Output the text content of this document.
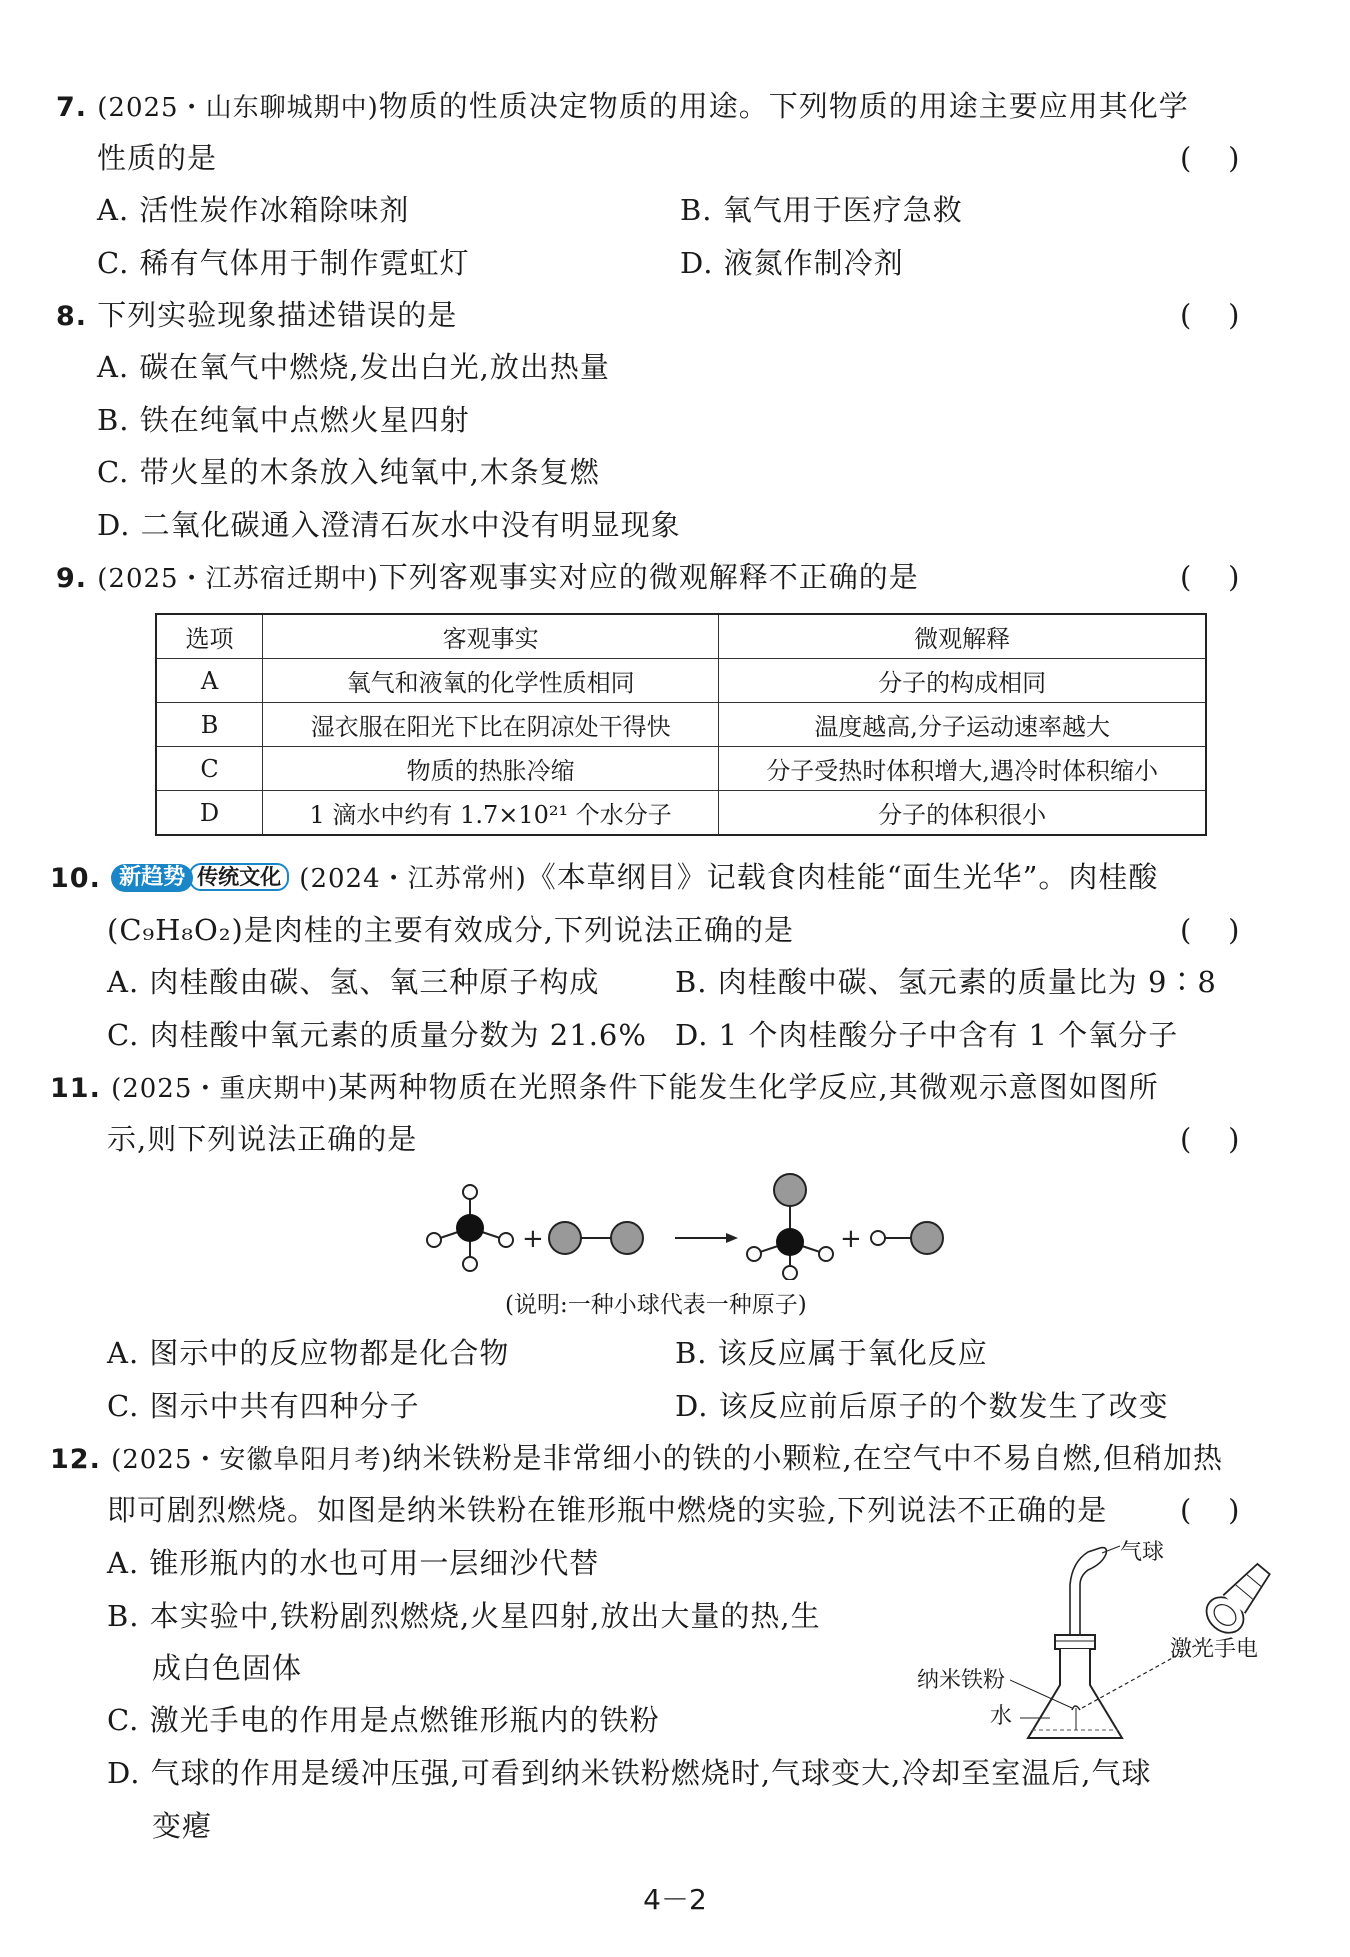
7. (2025・山东聊城期中)物质的性质决定物质的用途。下列物质的用途主要应用其化学
性质的是	(    )
A. 活性炭作冰箱除味剂	B. 氧气用于医疗急救
C. 稀有气体用于制作霓虹灯	D. 液氮作制冷剂
8. 下列实验现象描述错误的是	(    )
A. 碳在氧气中燃烧,发出白光,放出热量
B. 铁在纯氧中点燃火星四射
C. 带火星的木条放入纯氧中,木条复燃
D. 二氧化碳通入澄清石灰水中没有明显现象
9. (2025・江苏宿迁期中)下列客观事实对应的微观解释不正确的是	(    )
选项	客观事实	微观解释
A	氧气和液氧的化学性质相同	分子的构成相同
B	湿衣服在阳光下比在阴凉处干得快	温度越高,分子运动速率越大
C	物质的热胀冷缩	分子受热时体积增大,遇冷时体积缩小
D	1 滴水中约有 1.7×10²¹ 个水分子	分子的体积很小
10. 新趋势 传统文化 (2024・江苏常州)《本草纲目》记载食肉桂能“面生光华”。肉桂酸
(C₉H₈O₂)是肉桂的主要有效成分,下列说法正确的是	(    )
A. 肉桂酸由碳、氢、氧三种原子构成	B. 肉桂酸中碳、氢元素的质量比为 9∶8
C. 肉桂酸中氧元素的质量分数为 21.6% D. 1 个肉桂酸分子中含有 1 个氧分子
11. (2025・重庆期中)某两种物质在光照条件下能发生化学反应,其微观示意图如图所
示,则下列说法正确的是	(    )
+	+
(说明:一种小球代表一种原子)
A. 图示中的反应物都是化合物	B. 该反应属于氧化反应
C. 图示中共有四种分子	D. 该反应前后原子的个数发生了改变
12. (2025・安徽阜阳月考)纳米铁粉是非常细小的铁的小颗粒,在空气中不易自燃,但稍加热
即可剧烈燃烧。如图是纳米铁粉在锥形瓶中燃烧的实验,下列说法不正确的是	(    )
A. 锥形瓶内的水也可用一层细沙代替
B. 本实验中,铁粉剧烈燃烧,火星四射,放出大量的热,生
成白色固体
C. 激光手电的作用是点燃锥形瓶内的铁粉
D. 气球的作用是缓冲压强,可看到纳米铁粉燃烧时,气球变大,冷却至室温后,气球
变瘪
气球
激光手电
纳米铁粉
水
4－2
